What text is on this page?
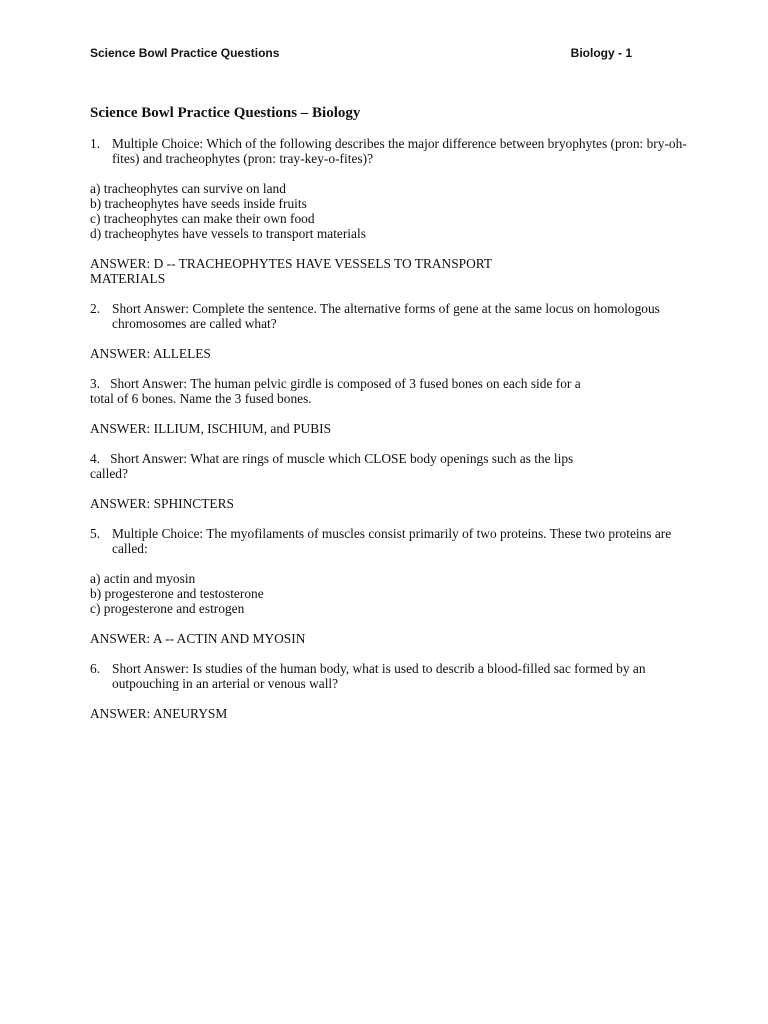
Science Bowl Practice Questions	Biology - 1
Science Bowl Practice Questions – Biology
1. Multiple Choice: Which of the following describes the major difference between bryophytes (pron: bry-oh-fites) and tracheophytes (pron: tray-key-o-fites)?
a) tracheophytes can survive on land
b) tracheophytes have seeds inside fruits
c) tracheophytes can make their own food
d) tracheophytes have vessels to transport materials
ANSWER: D -- TRACHEOPHYTES HAVE VESSELS TO TRANSPORT MATERIALS
2. Short Answer: Complete the sentence. The alternative forms of gene at the same locus on homologous chromosomes are called what?
ANSWER: ALLELES
3. Short Answer: The human pelvic girdle is composed of 3 fused bones on each side for a total of 6 bones. Name the 3 fused bones.
ANSWER: ILLIUM, ISCHIUM, and PUBIS
4. Short Answer: What are rings of muscle which CLOSE body openings such as the lips called?
ANSWER: SPHINCTERS
5. Multiple Choice: The myofilaments of muscles consist primarily of two proteins. These two proteins are called:
a) actin and myosin
b) progesterone and testosterone
c) progesterone and estrogen
ANSWER: A -- ACTIN AND MYOSIN
6. Short Answer: Is studies of the human body, what is used to describ a blood-filled sac formed by an outpouching in an arterial or venous wall?
ANSWER: ANEURYSM
